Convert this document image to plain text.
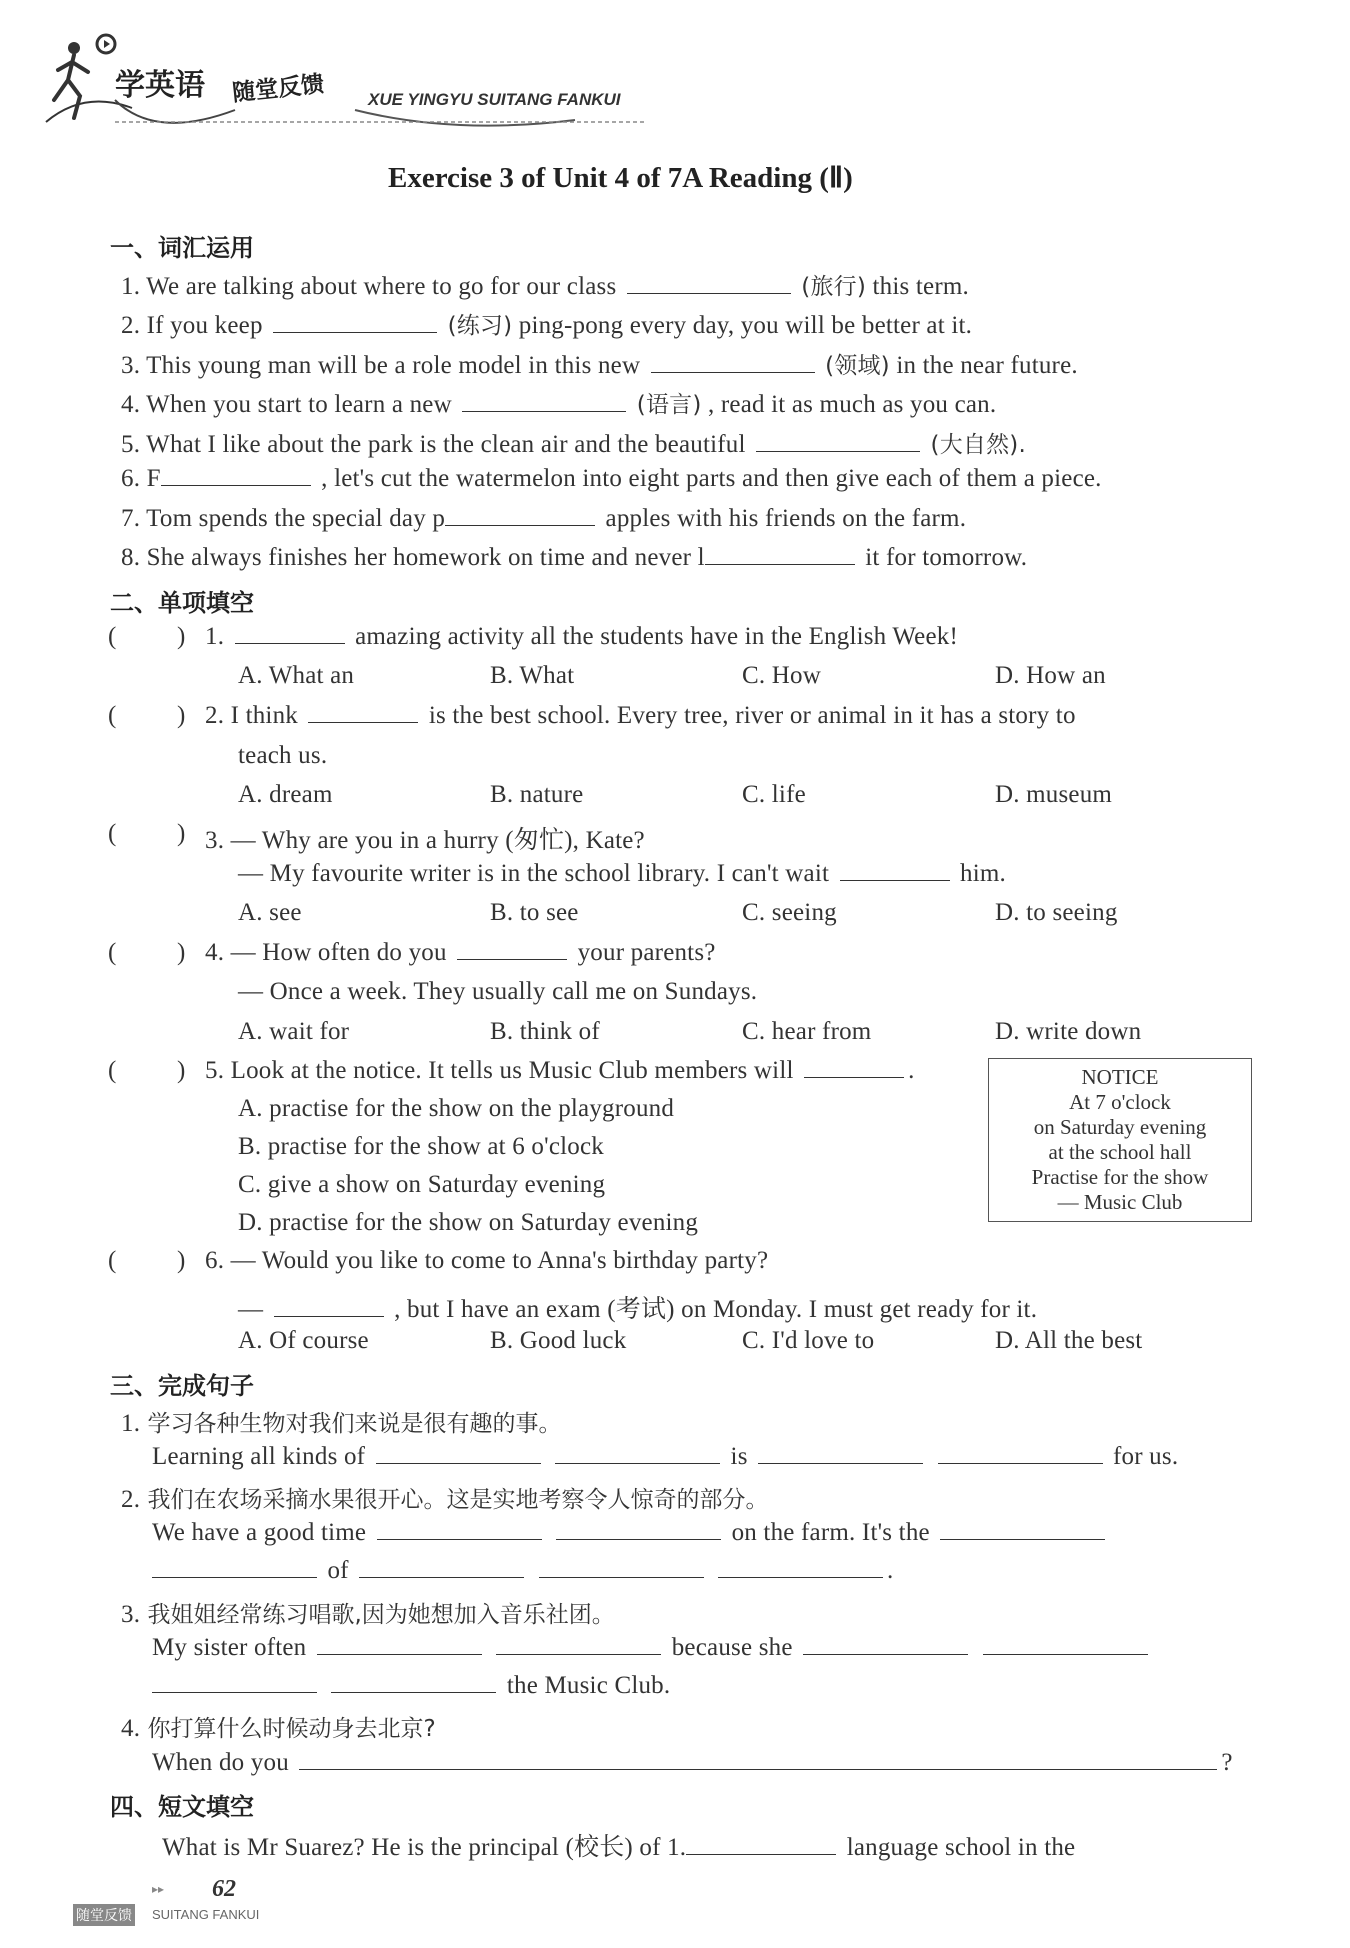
学英语 随堂反馈	XUE YINGYU SUITANG FANKUI
Exercise 3 of Unit 4 of 7A Reading (Ⅱ)
一、词汇运用
1. We are talking about where to go for our class	(旅行) this term.
2. If you keep	(练习) ping-pong every day, you will be better at it.
3. This young man will be a role model in this new	(领域) in the near future.
4. When you start to learn a new	(语言) , read it as much as you can.
5. What I like about the park is the clean air and the beautiful	(大自然).
6. F	, let's cut the watermelon into eight parts and then give each of them a piece.
7. Tom spends the special day p	apples with his friends on the farm.
8. She always finishes her homework on time and never l	it for tomorrow.
二、单项填空
( ) 1.	amazing activity all the students have in the English Week!
A. What an	B. What	C. How	D. How an
( ) 2. I think	is the best school. Every tree, river or animal in it has a story to
teach us.
A. dream	B. nature	C. life	D. museum
( ) 3. — Why are you in a hurry (匆忙), Kate?
— My favourite writer is in the school library. I can't wait	him.
A. see	B. to see	C. seeing	D. to seeing
( ) 4. — How often do you	your parents?
— Once a week. They usually call me on Sundays.
A. wait for	B. think of	C. hear from	D. write down
( ) 5. Look at the notice. It tells us Music Club members will	.
A. practise for the show on the playground
B. practise for the show at 6 o'clock
C. give a show on Saturday evening
D. practise for the show on Saturday evening
NOTICE
At 7 o'clock
on Saturday evening
at the school hall
Practise for the show
— Music Club
( ) 6. — Would you like to come to Anna's birthday party?
—	, but I have an exam (考试) on Monday. I must get ready for it.
A. Of course	B. Good luck	C. I'd love to	D. All the best
三、完成句子
1. 学习各种生物对我们来说是很有趣的事。
Learning all kinds of	is	for us.
2. 我们在农场采摘水果很开心。这是实地考察令人惊奇的部分。
We have a good time	on the farm. It's the
of	.
3. 我姐姐经常练习唱歌,因为她想加入音乐社团。
My sister often	because she
the Music Club.
4. 你打算什么时候动身去北京?
When do you	?
四、短文填空
What is Mr Suarez? He is the principal (校长) of 1.	language school in the
▸▸ 62
随堂反馈 SUITANG FANKUI
